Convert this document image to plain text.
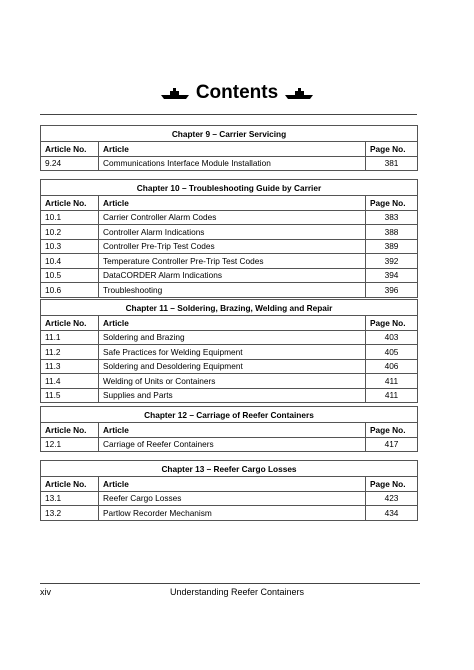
Contents
Chapter 9 – Carrier Servicing		
Article No.	Article	Page No.
9.24	Communications Interface Module Installation	381
Chapter 10 – Troubleshooting Guide by Carrier		
Article No.	Article	Page No.
10.1	Carrier Controller Alarm Codes	383
10.2	Controller Alarm Indications	388
10.3	Controller Pre-Trip Test Codes	389
10.4	Temperature Controller Pre-Trip Test Codes	392
10.5	DataCORDER Alarm Indications	394
10.6	Troubleshooting	396
Chapter 11 – Soldering, Brazing, Welding and Repair		
Article No.	Article	Page No.
11.1	Soldering and Brazing	403
11.2	Safe Practices for Welding Equipment	405
11.3	Soldering and Desoldering Equipment	406
11.4	Welding of Units or Containers	411
11.5	Supplies and Parts	411
Chapter 12 – Carriage of Reefer Containers		
Article No.	Article	Page No.
12.1	Carriage of Reefer Containers	417
Chapter 13 – Reefer Cargo Losses		
Article No.	Article	Page No.
13.1	Reefer Cargo Losses	423
13.2	Partlow Recorder Mechanism	434
Understanding Reefer Containers
xiv
